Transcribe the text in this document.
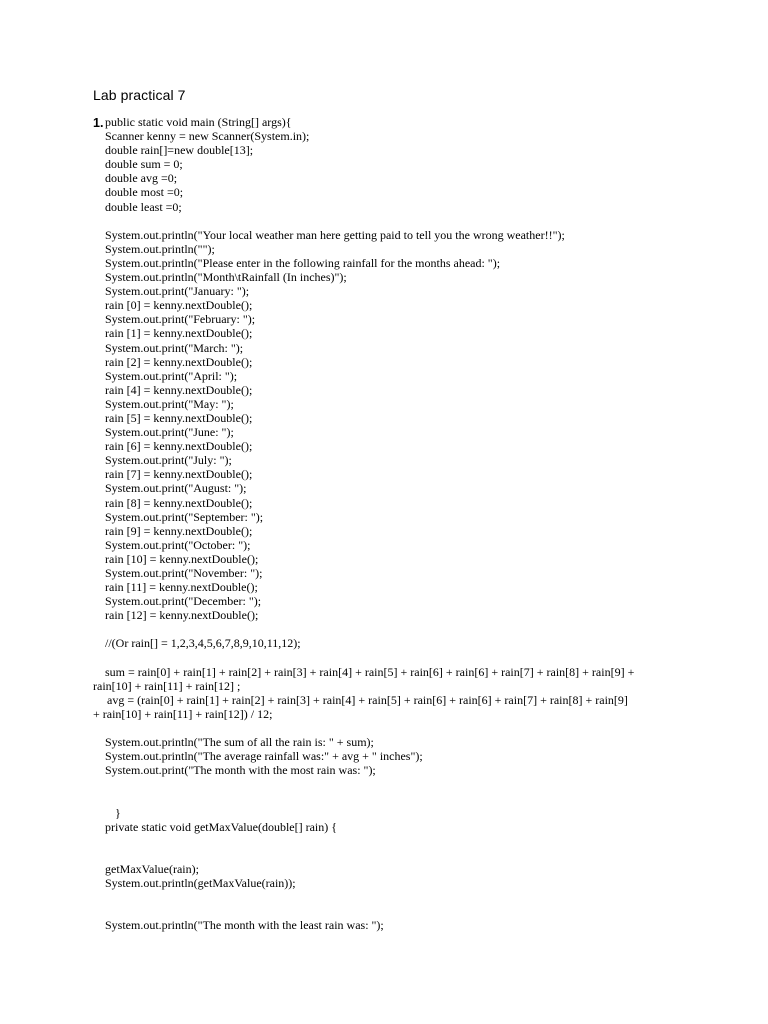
Lab practical 7
1. public static void main (String[] args){
Scanner kenny = new Scanner(System.in);
double rain[]=new double[13];
double sum = 0;
double avg =0;
double most =0;
double least =0;
System.out.println("Your local weather man here getting paid to tell you the wrong weather!!");
System.out.println("");
System.out.println("Please enter in the following rainfall for the months ahead: ");
System.out.println("Month\tRainfall (In inches)");
System.out.print("January: ");
rain [0] = kenny.nextDouble();
System.out.print("February: ");
rain [1] = kenny.nextDouble();
System.out.print("March: ");
rain [2] = kenny.nextDouble();
System.out.print("April: ");
rain [4] = kenny.nextDouble();
System.out.print("May: ");
rain [5] = kenny.nextDouble();
System.out.print("June: ");
rain [6] = kenny.nextDouble();
System.out.print("July: ");
rain [7] = kenny.nextDouble();
System.out.print("August: ");
rain [8] = kenny.nextDouble();
System.out.print("September: ");
rain [9] = kenny.nextDouble();
System.out.print("October: ");
rain [10] = kenny.nextDouble();
System.out.print("November: ");
rain [11] = kenny.nextDouble();
System.out.print("December: ");
rain [12] = kenny.nextDouble();
//(Or rain[] = 1,2,3,4,5,6,7,8,9,10,11,12);
sum = rain[0] + rain[1] + rain[2] + rain[3] + rain[4] + rain[5] + rain[6] + rain[6] + rain[7] + rain[8] + rain[9] +
rain[10] + rain[11] + rain[12] ;
avg = (rain[0] + rain[1] + rain[2] + rain[3] + rain[4] + rain[5] + rain[6] + rain[6] + rain[7] + rain[8] + rain[9]
+ rain[10] + rain[11] + rain[12]) / 12;
System.out.println("The sum of all the rain is: " + sum);
System.out.println("The average rainfall was:" + avg + " inches");
System.out.print("The month with the most rain was: ");
}
private static void getMaxValue(double[] rain) {
getMaxValue(rain);
System.out.println(getMaxValue(rain));
System.out.println("The month with the least rain was: ");
